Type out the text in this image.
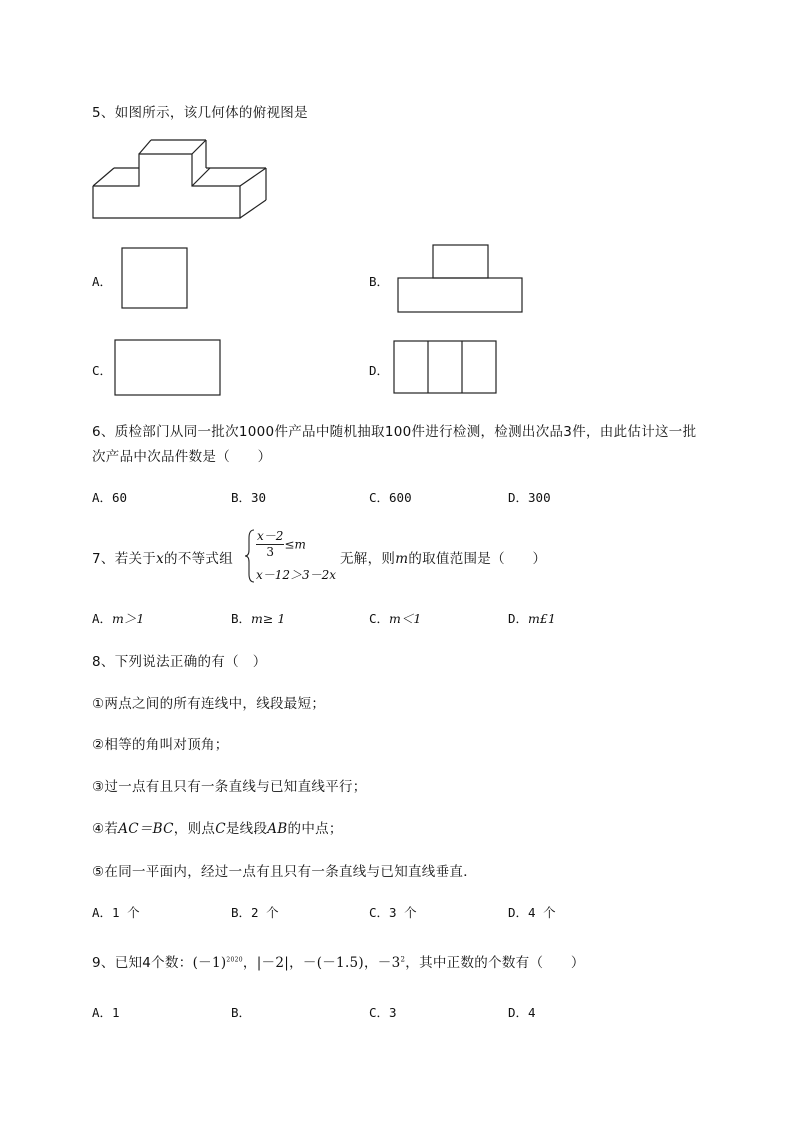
5、如图所示，该几何体的俯视图是
A．	B．
C．	D．
6、质检部门从同一批次1000件产品中随机抽取100件进行检测，检测出次品3件，由此估计这一批
次产品中次品件数是（　　）
A．60	B．30	C．600	D．300
7、若关于x的不等式组 $\frac{x-2}{3} \le m$
x－12＞3－2x
无解，则m的取值范围是（　　）
A．m＞1	B．m≥ 1	C．m＜1	D．m£1
8、下列说法正确的有（　）
①两点之间的所有连线中，线段最短；
②相等的角叫对顶角；
③过一点有且只有一条直线与已知直线平行；
④若AC＝BC，则点C是线段AB的中点；
⑤在同一平面内，经过一点有且只有一条直线与已知直线垂直．
A．1 个	B．2 个	C．3 个	D．4 个
9、已知4个数：$(-1)^{2020}$，|－2|，－(－1.5)，$-3^2$，其中正数的个数有（　　）
A．1	B．	C．3	D．4
